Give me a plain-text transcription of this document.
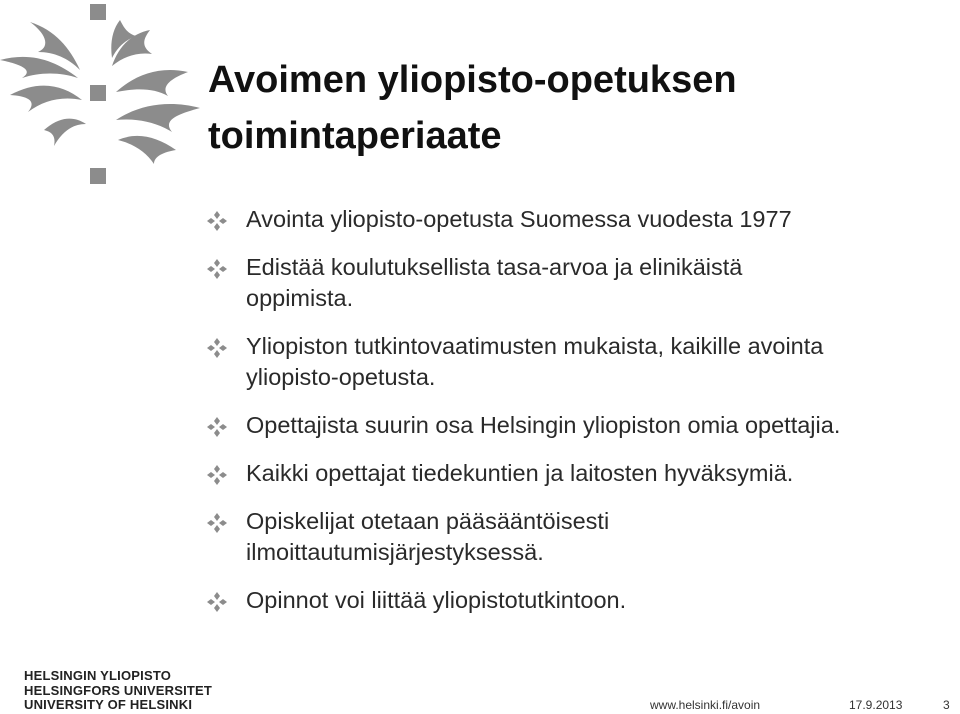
Avoimen yliopisto-opetuksen
toimintaperiaate
Avointa yliopisto-opetusta Suomessa vuodesta 1977
Edistää koulutuksellista tasa-arvoa ja elinikäistä
oppimista.
Yliopiston tutkintovaatimusten mukaista, kaikille avointa
yliopisto-opetusta.
Opettajista suurin osa Helsingin yliopiston omia opettajia.
Kaikki opettajat tiedekuntien ja laitosten hyväksymiä.
Opiskelijat otetaan pääsääntöisesti
ilmoittautumisjärjestyksessä.
Opinnot voi liittää yliopistotutkintoon.
HELSINGIN YLIOPISTO
HELSINGFORS UNIVERSITET
UNIVERSITY OF HELSINKI	www.helsinki.fi/avoin	17.9.2013	3
